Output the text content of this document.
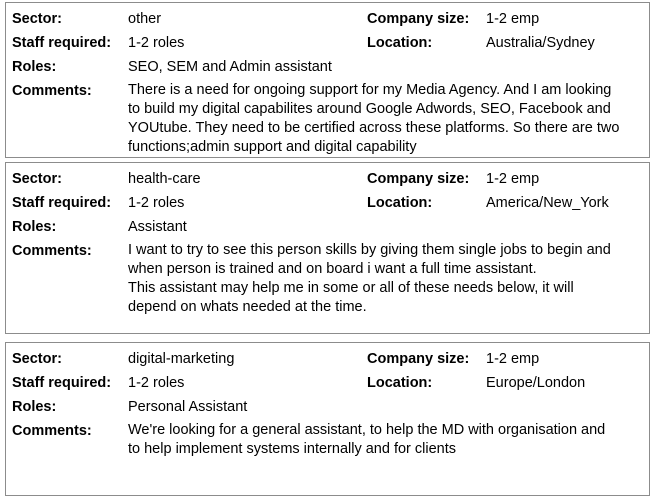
Sector:	other	Company size: 1-2 emp
Staff required: 1-2 roles	Location:	Australia/Sydney
Roles:	SEO, SEM and Admin assistant
Comments: There is a need for ongoing support for my Media Agency. And I am looking
to build my digital capabilites around Google Adwords, SEO, Facebook and
YOUtube. They need to be certified across these platforms. So there are two
functions;admin support and digital capability
Sector:	health-care	Company size: 1-2 emp
Staff required: 1-2 roles	Location:	America/New_York
Roles:	Assistant
Comments: I want to try to see this person skills by giving them single jobs to begin and
when person is trained and on board i want a full time assistant.
This assistant may help me in some or all of these needs below, it will
depend on whats needed at the time.
Sector:	digital-marketing	Company size: 1-2 emp
Staff required: 1-2 roles	Location:	Europe/London
Roles:	Personal Assistant
Comments: We're looking for a general assistant, to help the MD with organisation and
to help implement systems internally and for clients
